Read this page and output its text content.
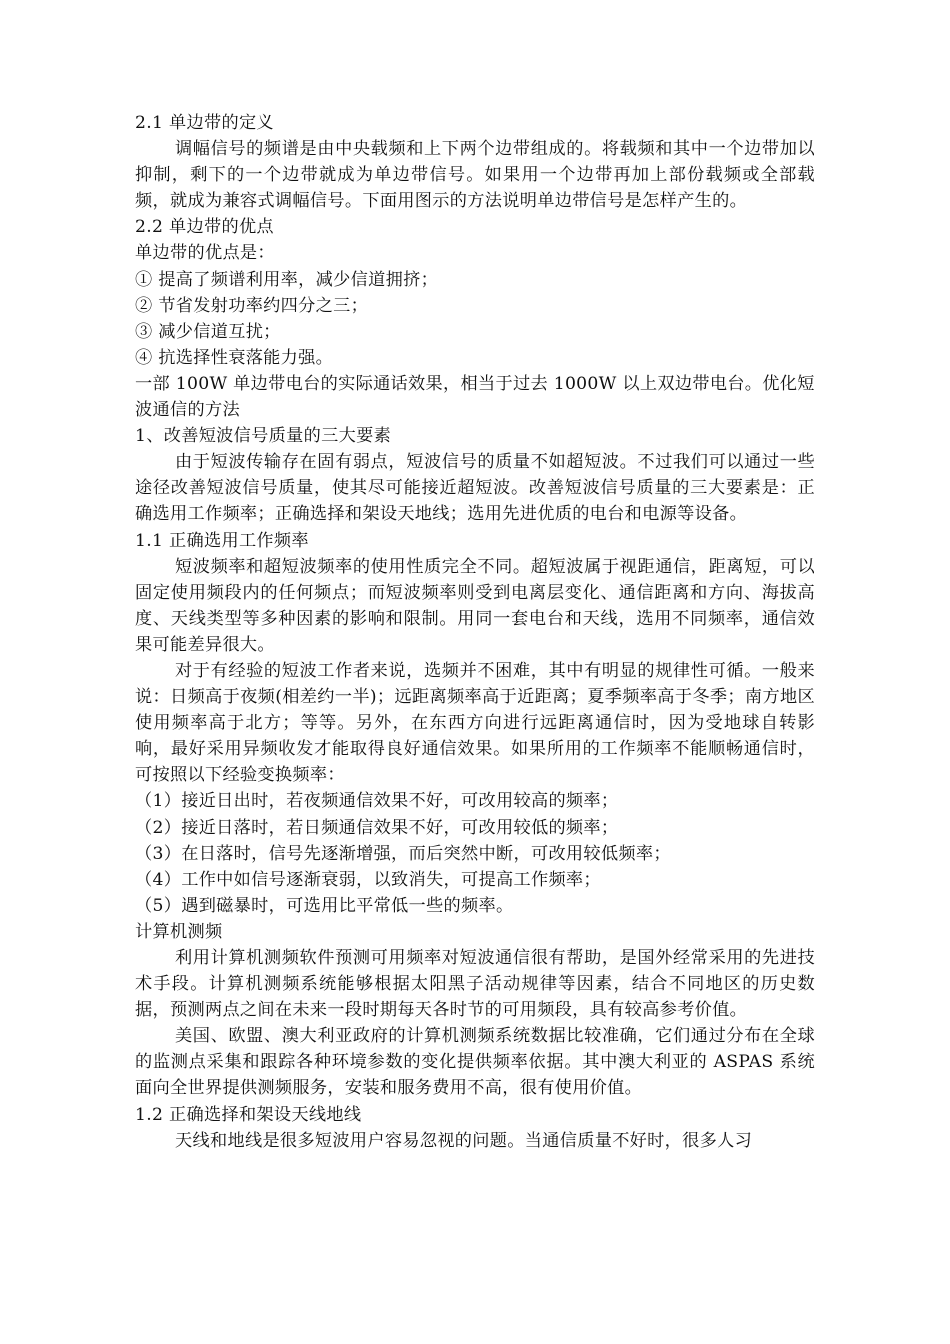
2.1 单边带的定义

调幅信号的频谱是由中央载频和上下两个边带组成的。将载频和其中一个边带加以抑制，剩下的一个边带就成为单边带信号。如果用一个边带再加上部份载频或全部载频，就成为兼容式调幅信号。下面用图示的方法说明单边带信号是怎样产生的。

2.2 单边带的优点

单边带的优点是：

① 提高了频谱利用率，减少信道拥挤；

② 节省发射功率约四分之三；

③ 减少信道互扰；

④ 抗选择性衰落能力强。

一部 100W 单边带电台的实际通话效果，相当于过去 1000W 以上双边带电台。优化短波通信的方法

1、改善短波信号质量的三大要素

由于短波传输存在固有弱点，短波信号的质量不如超短波。不过我们可以通过一些途径改善短波信号质量，使其尽可能接近超短波。改善短波信号质量的三大要素是：正确选用工作频率；正确选择和架设天地线；选用先进优质的电台和电源等设备。

1.1 正确选用工作频率

短波频率和超短波频率的使用性质完全不同。超短波属于视距通信，距离短，可以固定使用频段内的任何频点；而短波频率则受到电离层变化、通信距离和方向、海拔高度、天线类型等多种因素的影响和限制。用同一套电台和天线，选用不同频率，通信效果可能差异很大。

对于有经验的短波工作者来说，选频并不困难，其中有明显的规律性可循。一般来说：日频高于夜频(相差约一半)；远距离频率高于近距离；夏季频率高于冬季；南方地区使用频率高于北方；等等。另外，在东西方向进行远距离通信时，因为受地球自转影响，最好采用异频收发才能取得良好通信效果。如果所用的工作频率不能顺畅通信时，可按照以下经验变换频率：

（1）接近日出时，若夜频通信效果不好，可改用较高的频率；

（2）接近日落时，若日频通信效果不好，可改用较低的频率；

（3）在日落时，信号先逐渐增强，而后突然中断，可改用较低频率；

（4）工作中如信号逐渐衰弱，以致消失，可提高工作频率；

（5）遇到磁暴时，可选用比平常低一些的频率。

计算机测频

利用计算机测频软件预测可用频率对短波通信很有帮助，是国外经常采用的先进技术手段。计算机测频系统能够根据太阳黑子活动规律等因素，结合不同地区的历史数据，预测两点之间在未来一段时期每天各时节的可用频段，具有较高参考价值。

美国、欧盟、澳大利亚政府的计算机测频系统数据比较准确，它们通过分布在全球的监测点采集和跟踪各种环境参数的变化提供频率依据。其中澳大利亚的 ASPAS 系统面向全世界提供测频服务，安装和服务费用不高，很有使用价值。

1.2 正确选择和架设天线地线

天线和地线是很多短波用户容易忽视的问题。当通信质量不好时，很多人习
